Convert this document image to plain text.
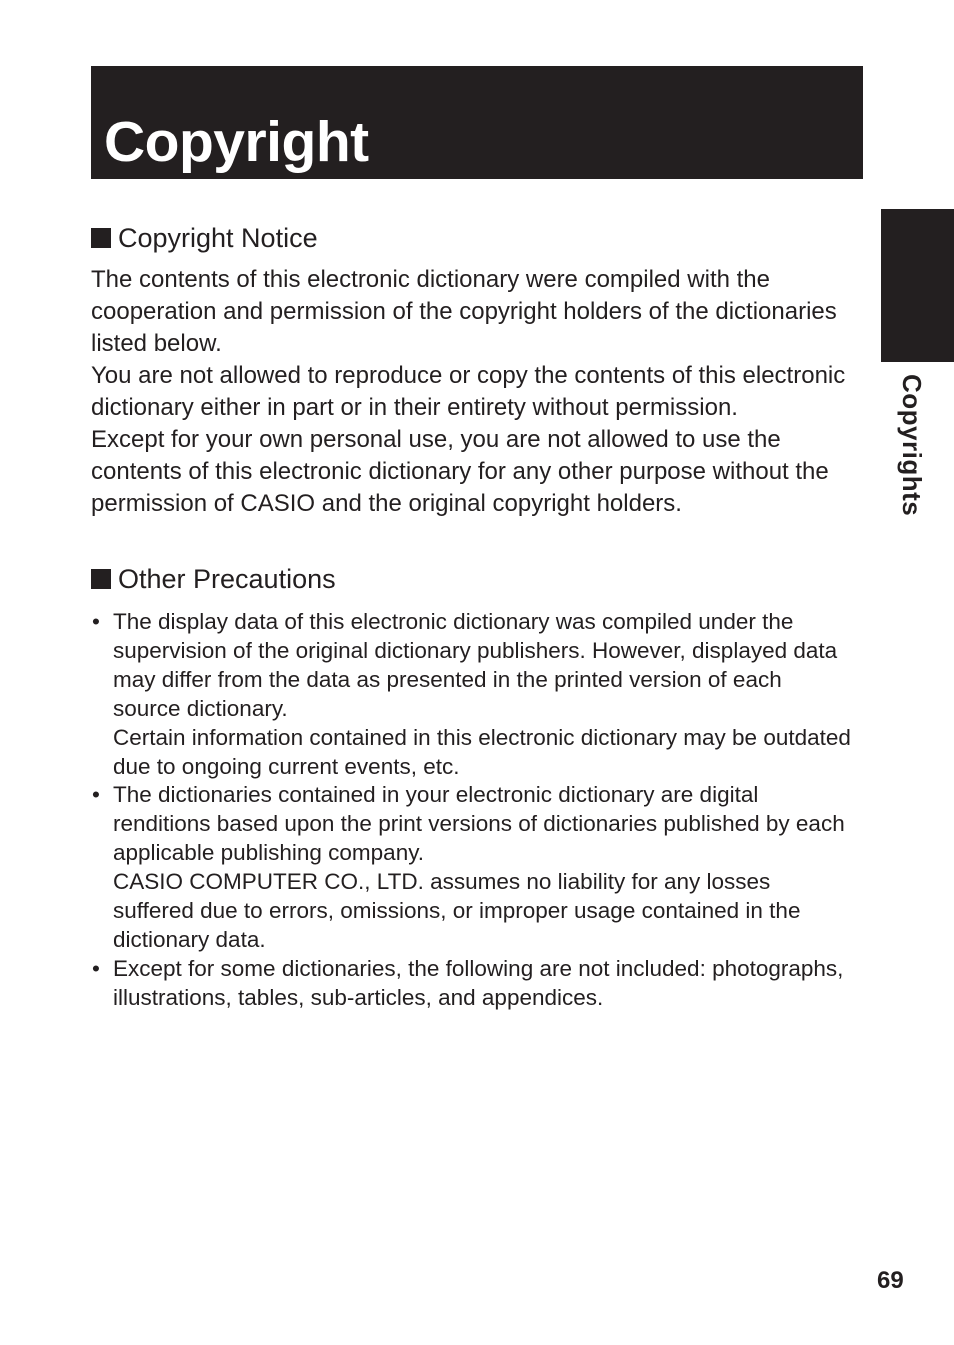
Copyright
Copyrights
Copyright Notice

The contents of this electronic dictionary were compiled with the cooperation and permission of the copyright holders of the dictionaries listed below.

You are not allowed to reproduce or copy the contents of this electronic dictionary either in part or in their entirety without permission.

Except for your own personal use, you are not allowed to use the contents of this electronic dictionary for any other purpose without the permission of CASIO and the original copyright holders.

Other Precautions
• The display data of this electronic dictionary was compiled under the supervision of the original dictionary publishers. However, displayed data may differ from the data as presented in the printed version of each source dictionary.

Certain information contained in this electronic dictionary may be outdated due to ongoing current events, etc.

• The dictionaries contained in your electronic dictionary are digital renditions based upon the print versions of dictionaries published by each applicable publishing company.

CASIO COMPUTER CO., LTD. assumes no liability for any losses suffered due to errors, omissions, or improper usage contained in the dictionary data.

• Except for some dictionaries, the following are not included: photographs, illustrations, tables, sub-articles, and appendices.

69
